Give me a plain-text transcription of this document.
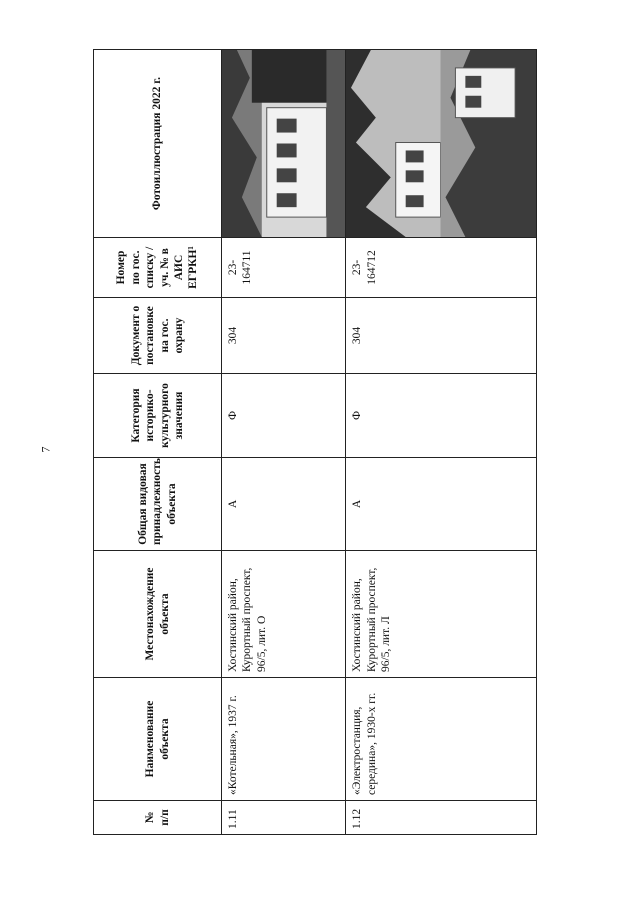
7
№ п/п	Наименование объекта	Местонахождение объекта	Общая видовая принадлежность объекта	Категория историко-культурного значения	Документ о постановке на гос. охрану	Номер по гос. списку /уч. № в АИС ЕГРКН¹	Фотоиллюстрация 2022 г.
1.11	«Котельная», 1937 г.	Хостинский район, Курортный проспект, 96/5, лит. О	А	Ф	304	23-164711	

1.12	«Электростанция, середина», 1930-х гг.	Хостинский район, Курортный проспект, 96/5, лит. Л	А	Ф	304	23-164712	
